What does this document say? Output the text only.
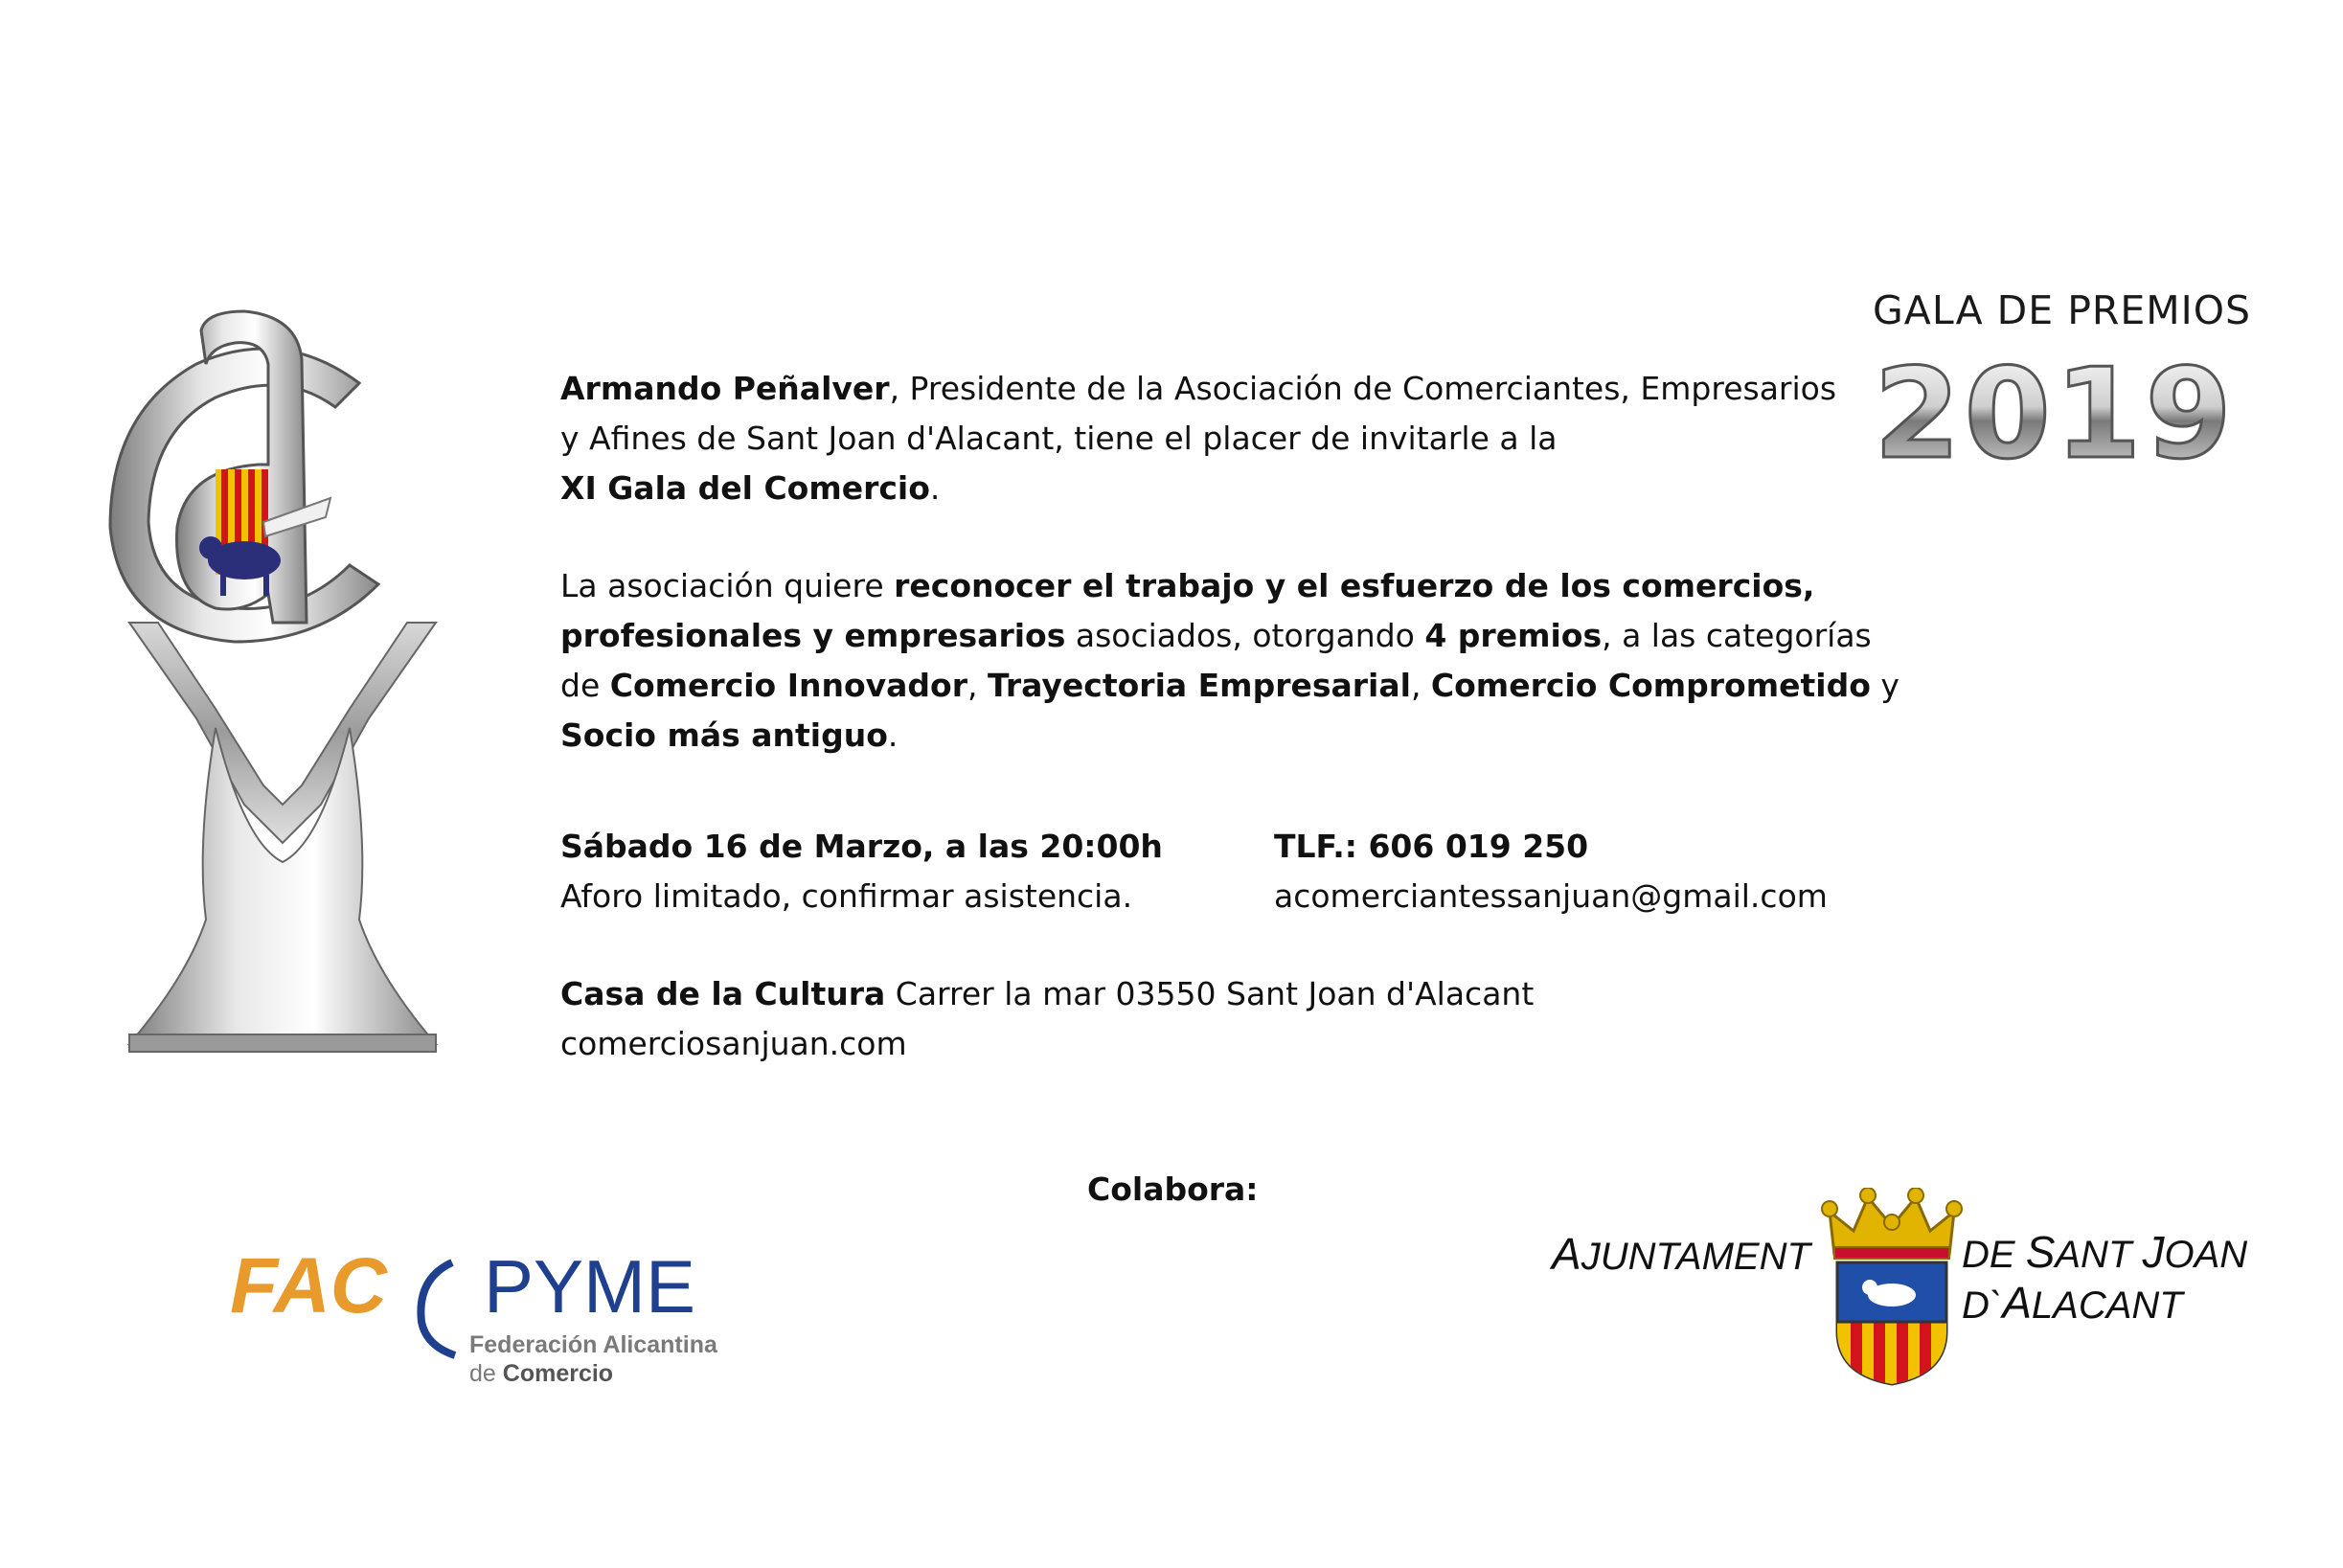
GALA DE PREMIOS
2019
Armando Peñalver, Presidente de la Asociación de Comerciantes, Empresarios
y Afines de Sant Joan d'Alacant, tiene el placer de invitarle a la
XI Gala del Comercio.
La asociación quiere reconocer el trabajo y el esfuerzo de los comercios,
profesionales y empresarios asociados, otorgando 4 premios, a las categorías
de Comercio Innovador, Trayectoria Empresarial, Comercio Comprometido y
Socio más antiguo.
Sábado 16 de Marzo, a las 20:00h
Aforo limitado, confirmar asistencia.
TLF.: 606 019 250
acomerciantessanjuan@gmail.com
Casa de la Cultura Carrer la mar 03550 Sant Joan d'Alacant
comerciosanjuan.com
Colabora:
FAC PYME
Federación Alicantina
de Comercio
AJUNTAMENT	DE SANT JOAN
D`ALACANT
